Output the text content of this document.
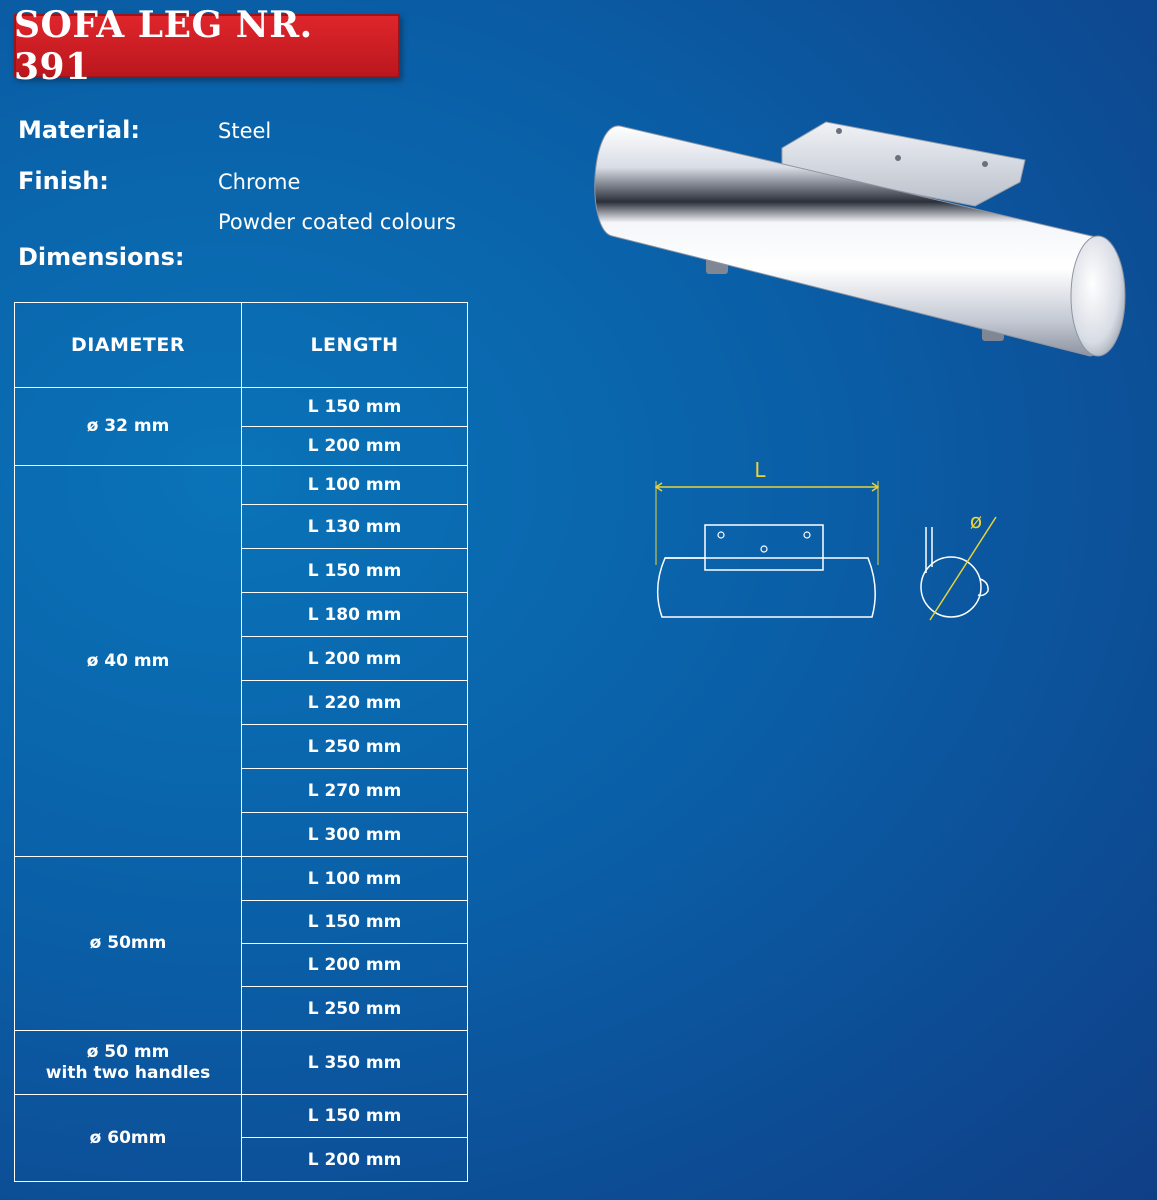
SOFA LEG NR. 391
Material:	Steel
Finish:	Chrome
Powder coated colours
Dimensions:
DIAMETER	LENGTH
ø 32 mm	L 150 mm
	L 200 mm
ø 40 mm	L 100 mm
	L 130 mm
	L 150 mm
	L 180 mm
	L 200 mm
	L 220 mm
	L 250 mm
	L 270 mm
	L 300 mm
ø 50mm	L 100 mm
	L 150 mm
	L 200 mm
	L 250 mm

ø 50 mm
with two handles	L 350 mm
ø 60mm	L 150 mm
	L 200 mm
L
ø
